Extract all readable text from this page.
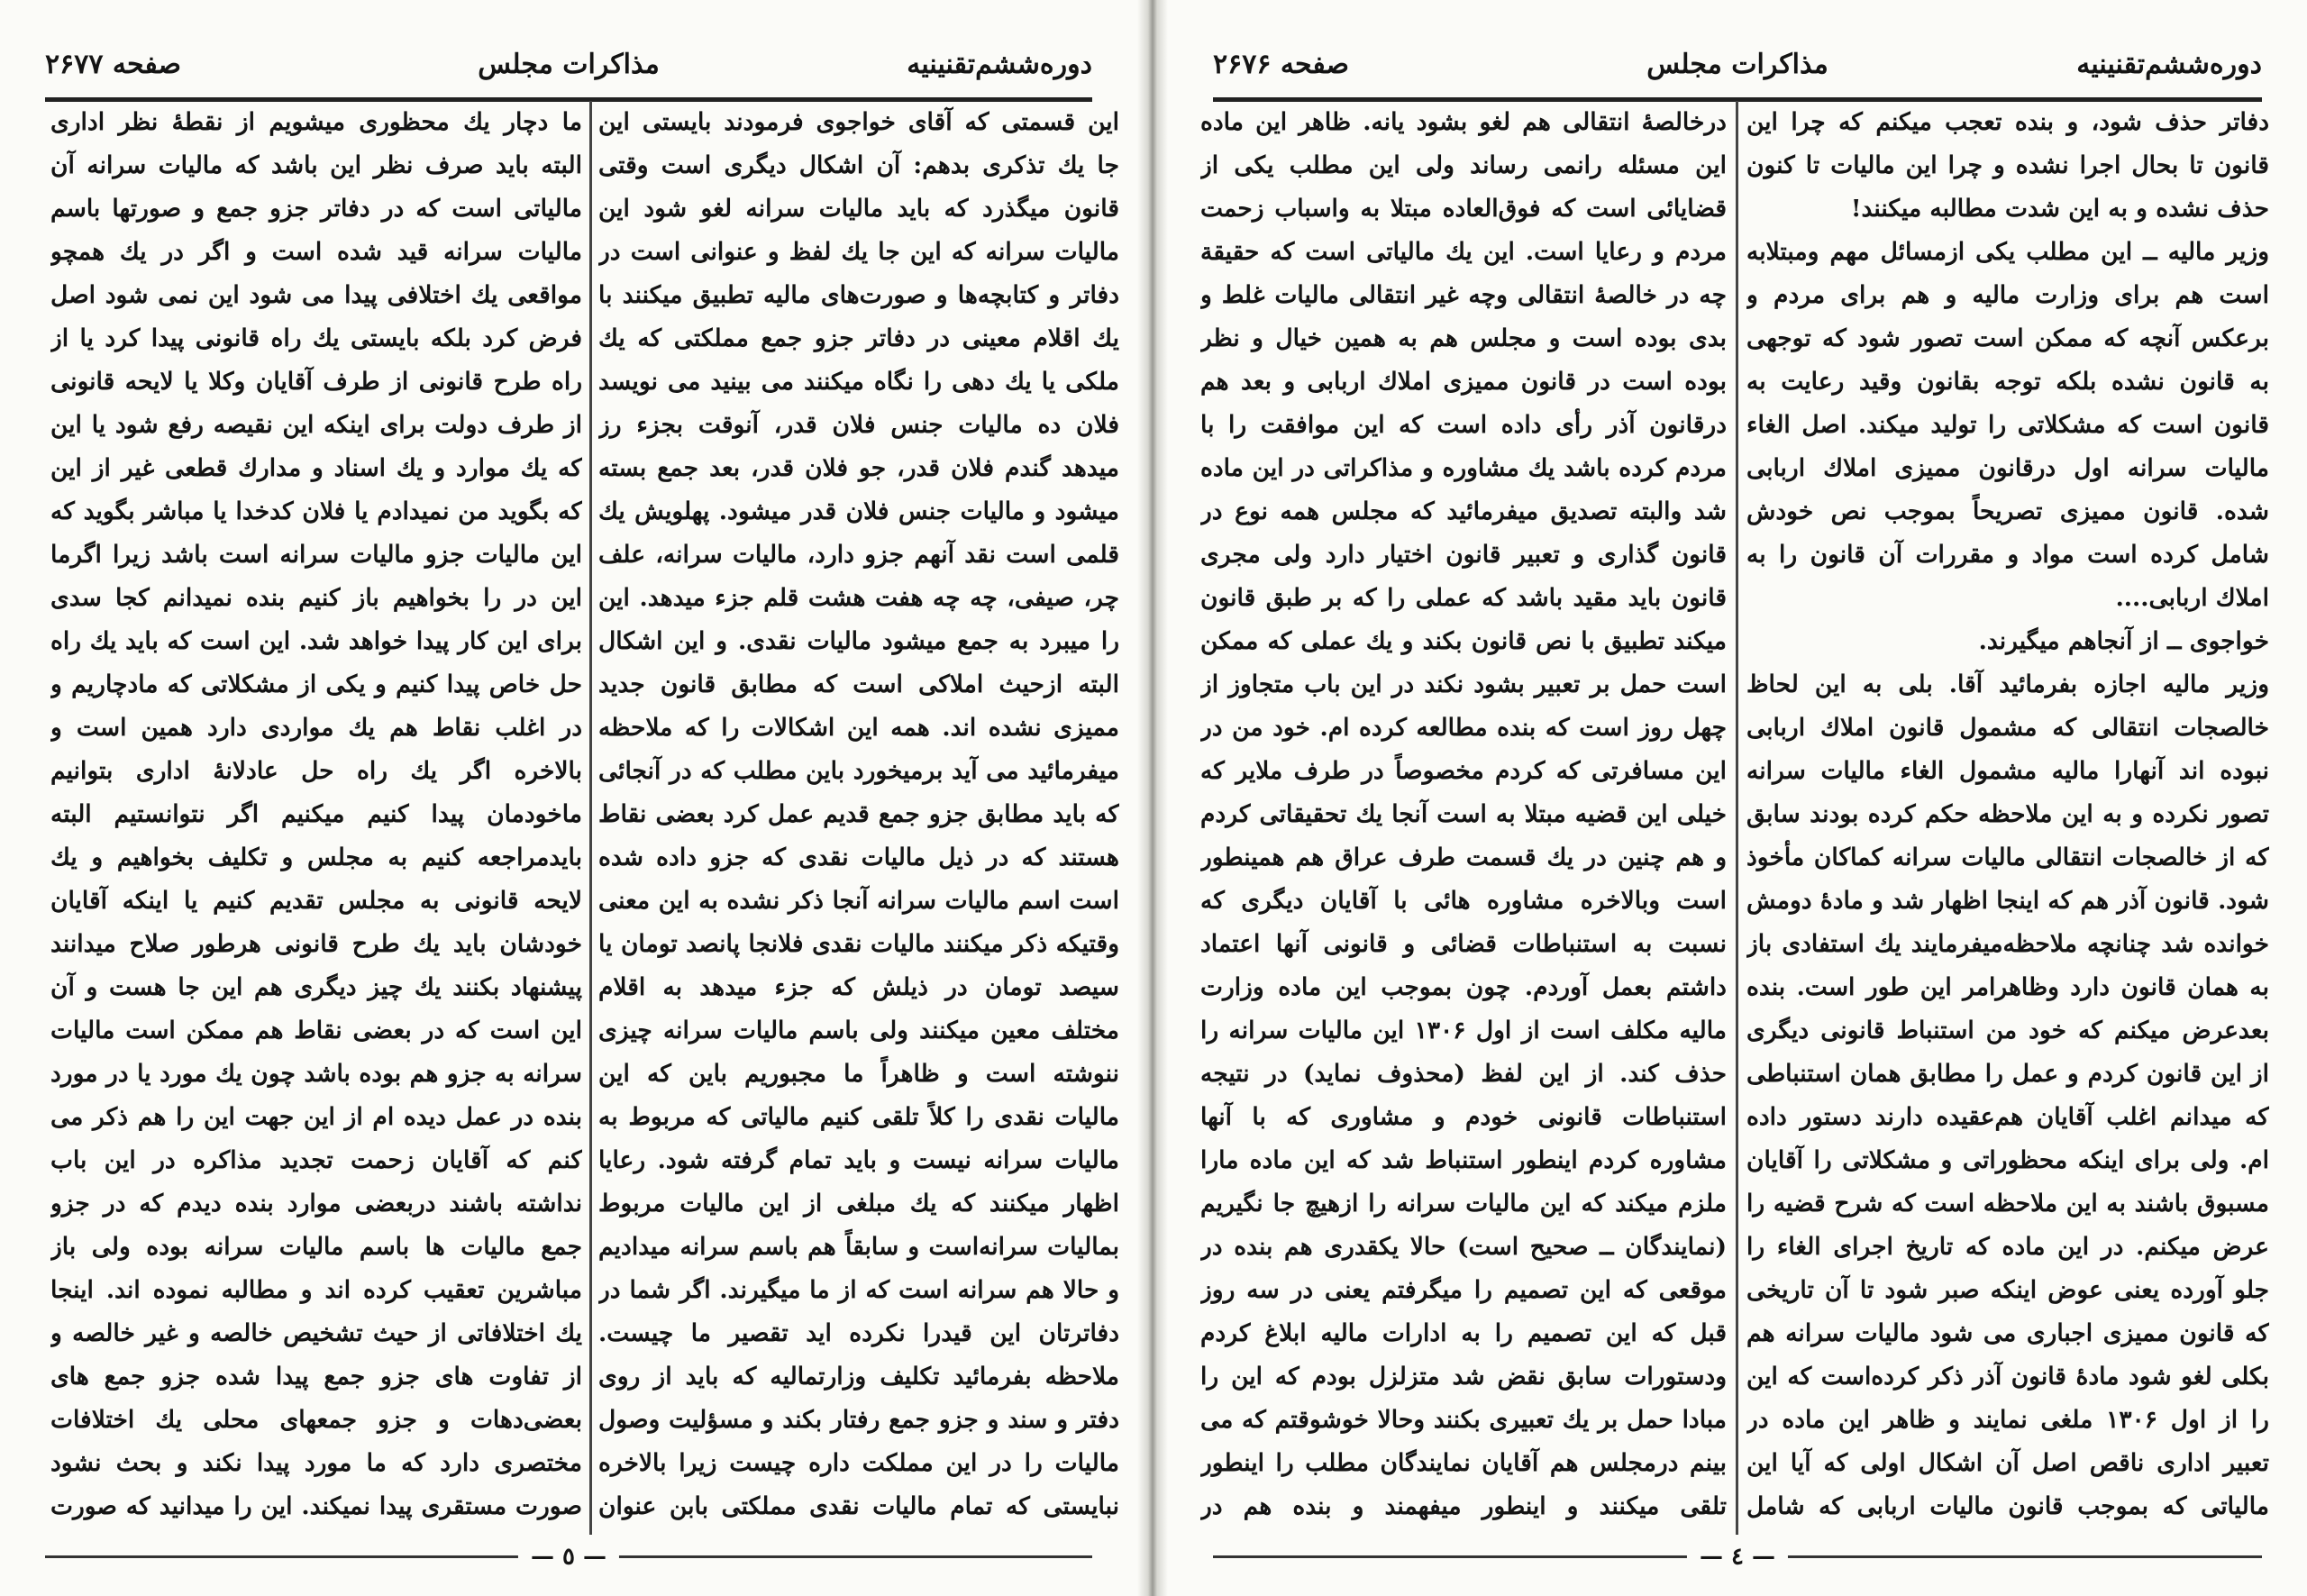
دوره‌ششم‌تقنینیه
مذاکرات مجلس
صفحه ۲۶۷۷

ما دچار یك محظوری میشویم از نقطهٔ نظر اداری البته باید صرف نظر این باشد که مالیات سرانه آن مالیاتی است که در دفاتر جزو جمع و صورتها باسم مالیات سرانه قید شده است و اگر در یك همچو مواقعی یك اختلافی پیدا می شود این نمی شود اصل فرض کرد بلکه بایستی یك راه قانونی پیدا کرد یا از راه طرح قانونی از طرف آقایان وکلا یا لایحه قانونی از طرف دولت برای اینکه این نقیصه رفع شود یا این که یك موارد و یك اسناد و مدارك قطعی غیر از این که بگوید من نمیدادم یا فلان کدخدا یا مباشر بگوید که این مالیات جزو مالیات سرانه است باشد زیرا اگرما این در را بخواهیم باز کنیم بنده نمیدانم کجا سدی برای این کار پیدا خواهد شد. این است که باید یك راه حل خاص پیدا کنیم و یکی از مشکلاتی که مادچاریم و در اغلب نقاط هم یك مواردی دارد همین است و بالاخره اگر یك راه حل عادلانهٔ اداری بتوانیم ماخودمان پیدا کنیم میکنیم اگر نتوانستیم البته بایدمراجعه کنیم به مجلس و تکلیف بخواهیم و یك لایحه قانونی به مجلس تقدیم کنیم یا اینکه آقایان خودشان باید یك طرح قانونی هرطور صلاح میدانند پیشنهاد بکنند یك چیز دیگری هم این جا هست و آن این است که در بعضی نقاط هم ممکن است مالیات سرانه به جزو هم بوده باشد چون یك مورد یا در مورد بنده در عمل دیده ام از این جهت این را هم ذکر می کنم که آقایان زحمت تجدید مذاکره در این باب نداشته باشند دربعضی موارد بنده دیدم که در جزو جمع مالیات ها باسم مالیات سرانه بوده ولی باز مباشرین تعقیب کرده اند و مطالبه نموده اند. اینجا یك اختلافاتی از حیث تشخیص خالصه و غیر خالصه و از تفاوت های جزو جمع پیدا شده جزو جمع های بعضی‌دهات و جزو جمعهای محلی یك اختلافات مختصری دارد که ما مورد پیدا نکند و بحث نشود صورت مستقری پیدا نمیکند. این را میدانید که صورت

این قسمتی که آقای خواجوی فرمودند بایستی این جا یك تذکری بدهم: آن اشکال دیگری است وقتی قانون میگذرد که باید مالیات سرانه لغو شود این مالیات سرانه که این جا یك لفظ و عنوانی است در دفاتر و کتابچه‌ها و صورت‌های مالیه تطبیق میکنند با یك اقلام معینی در دفاتر جزو جمع مملکتی که یك ملکی یا یك دهی را نگاه میکنند می بینید می نویسد فلان ده مالیات جنس فلان قدر، آنوقت بجزء رز میدهد گندم فلان قدر، جو فلان قدر، بعد جمع بسته میشود و مالیات جنس فلان قدر میشود. پهلویش یك قلمی است نقد آنهم جزو دارد، مالیات سرانه، علف چر، صیفی، چه چه هفت هشت قلم جزء میدهد. این را میبرد به جمع میشود مالیات نقدی. و این اشکال البته ازحیث املاکی است که مطابق قانون جدید ممیزی نشده اند. همه این اشکالات را که ملاحظه میفرمائید می آید برمیخورد باین مطلب که در آنجائی که باید مطابق جزو جمع قدیم عمل کرد بعضی نقاط هستند که در ذیل مالیات نقدی که جزو داده شده است اسم مالیات سرانه آنجا ذکر نشده به این معنی وقتیکه ذکر میکنند مالیات نقدی فلانجا پانصد تومان یا سیصد تومان در ذیلش که جزء میدهد به اقلام مختلف معین میکنند ولی باسم مالیات سرانه چیزی ننوشته است و ظاهراً ما مجبوریم باین که این مالیات نقدی را کلاً تلقی کنیم مالیاتی که مربوط به مالیات سرانه نیست و باید تمام گرفته شود. رعایا اظهار میکنند که یك مبلغی از این مالیات مربوط بمالیات سرانه‌است و سابقاً هم باسم سرانه میدادیم و حالا هم سرانه است که از ما میگیرند. اگر شما در دفاترتان این قیدرا نکرده اید تقصیر ما چیست. ملاحظه بفرمائید تکلیف وزارتمالیه که باید از روی دفتر و سند و جزو جمع رفتار بکند و مسؤلیت وصول مالیات را در این مملکت داره چیست زیرا بالاخره نبایستی که تمام مالیات نقدی مملکتی بابن عنوان

— ٥ —
دوره‌ششم‌تقنینیه
مذاکرات مجلس
صفحه ۲۶۷۶

درخالصهٔ انتقالی هم لغو بشود یانه. ظاهر این ماده این مسئله رانمی رساند ولی این مطلب یکی از قضایائی است که فوق‌العاده مبتلا به واسباب زحمت مردم و رعایا است. این یك مالیاتی است که حقیقة چه در خالصهٔ انتقالی وچه غیر انتقالی مالیات غلط و بدی بوده است و مجلس هم به همین خیال و نظر بوده است در قانون ممیزی املاك اربابی و بعد هم درقانون آذر رأی داده است که این موافقت را با مردم کرده باشد یك مشاوره و مذاکراتی در این ماده شد والبته تصدیق میفرمائید که مجلس همه نوع در قانون گذاری و تعبیر قانون اختیار دارد ولی مجری قانون باید مقید باشد که عملی را که بر طبق قانون میکند تطبیق با نص قانون بکند و یك عملی که ممکن است حمل بر تعبیر بشود نکند در این باب متجاوز از چهل روز است که بنده مطالعه کرده ام. خود من در این مسافرتی که کردم مخصوصاً در طرف ملایر که خیلی این قضیه مبتلا به است آنجا یك تحقیقاتی کردم و هم چنین در یك قسمت طرف عراق هم همینطور است وبالاخره مشاوره هائی با آقایان دیگری که نسبت به استنباطات قضائی و قانونی آنها اعتماد داشتم بعمل آوردم. چون بموجب این ماده وزارت مالیه مکلف است از اول ۱۳۰۶ این مالیات سرانه را حذف کند. از این لفظ (محذوف نماید) در نتیجه استنباطات قانونی خودم و مشاوری که با آنها مشاوره کردم اینطور استنباط شد که این ماده مارا ملزم میکند که این مالیات سرانه را ازهیچ جا نگیریم (نمایندگان ــ صحیح است) حالا یکقدری هم بنده در موقعی که این تصمیم را میگرفتم یعنی در سه روز قبل که این تصمیم را به ادارات مالیه ابلاغ کردم ودستورات سابق نقض شد متزلزل بودم که این را مبادا حمل بر یك تعبیری بکنند وحالا خوشوقتم که می بینم درمجلس هم آقایان نمایندگان مطلب را اینطور تلقی میکنند و اینطور میفهمند و بنده هم در

دفاتر حذف شود، و بنده تعجب میکنم که چرا این قانون تا بحال اجرا نشده و چرا این مالیات تا کنون حذف نشده و به این شدت مطالبه میکنند!

وزیر مالیه ــ این مطلب یکی ازمسائل مهم ومبتلابه است هم برای وزارت مالیه و هم برای مردم و برعکس آنچه که ممکن است تصور شود که توجهی به قانون نشده بلکه توجه بقانون وقید رعایت به قانون است که مشکلاتی را تولید میکند. اصل الغاء مالیات سرانه اول درقانون ممیزی املاك اربابی شده. قانون ممیزی تصریحاً بموجب نص خودش شامل کرده است مواد و مقررات آن قانون را به املاك اربابی....

خواجوی ــ از آنجاهم میگیرند.

وزیر مالیه اجازه بفرمائید آقا. بلی به این لحاظ خالصجات انتقالی که مشمول قانون املاك اربابی نبوده اند آنهارا مالیه مشمول الغاء مالیات سرانه تصور نکرده و به این ملاحظه حکم کرده بودند سابق که از خالصجات انتقالی مالیات سرانه کماکان مأخوذ شود. قانون آذر هم که اینجا اظهار شد و مادهٔ دومش خوانده شد چنانچه ملاحظه‌میفرمایند یك استفادی باز به همان قانون دارد وظاهرامر این طور است. بنده بعدعرض میکنم که خود من استنباط قانونی دیگری از این قانون کردم و عمل را مطابق همان استنباطی که میدانم اغلب آقایان هم‌عقیده دارند دستور داده ام. ولی برای اینکه محظوراتی و مشکلاتی را آقایان مسبوق باشند به این ملاحظه است که شرح قضیه را عرض میکنم. در این ماده که تاریخ اجرای الغاء را جلو آورده یعنی عوض اینکه صبر شود تا آن تاریخی که قانون ممیزی اجباری می شود مالیات سرانه هم بکلی لغو شود مادهٔ قانون آذر ذکر کرده‌است که این را از اول ۱۳۰۶ ملغی نمایند و ظاهر این ماده در تعبیر اداری ناقص اصل آن اشکال اولی که آیا این مالیاتی که بموجب قانون مالیات اربابی که شامل

— ٤ —
